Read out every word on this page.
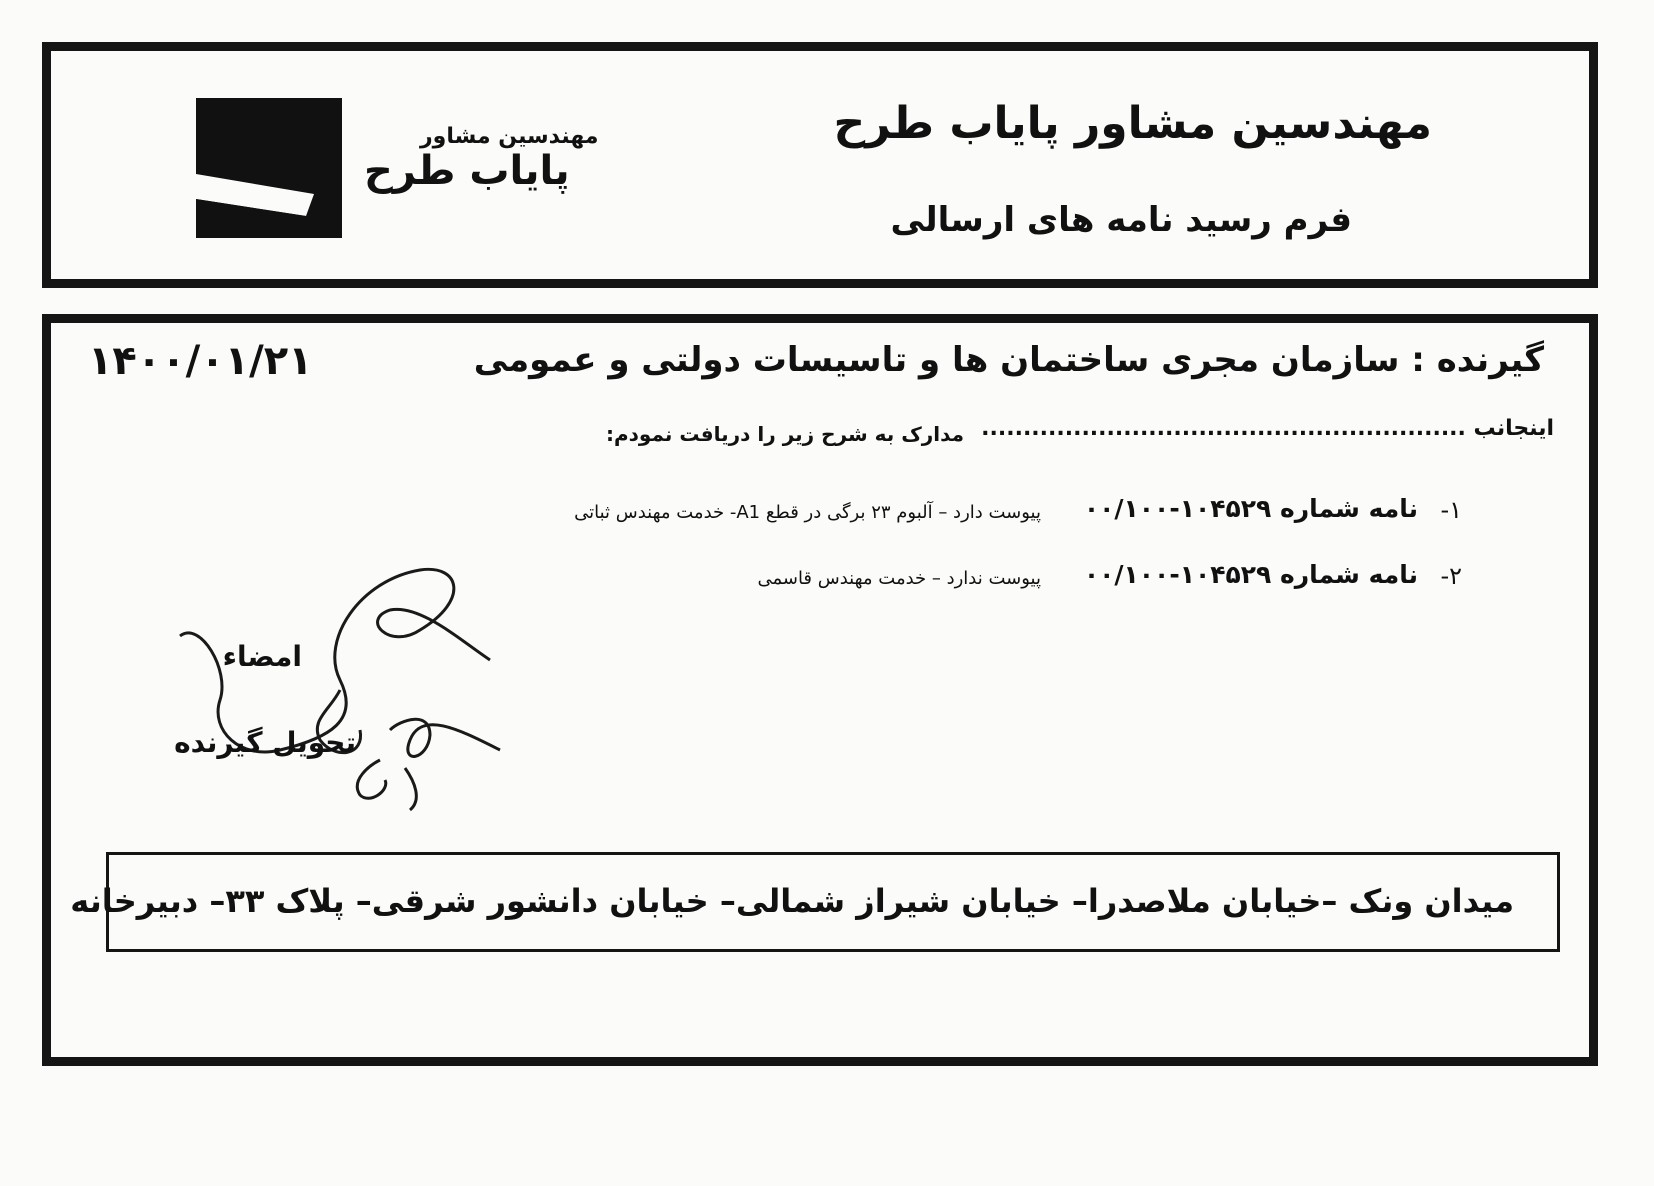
مهندسین مشاور
پایاب طرح
مهندسین مشاور پایاب طرح
فرم رسید نامه های ارسالی
گیرنده : سازمان مجری ساختمان ها و تاسیسات دولتی و عمومی
۱۴۰۰/۰۱/۲۱
اینجانب ..........................................................
مدارک به شرح زیر را دریافت نمودم:
۱-
نامه شماره ۱۰۴۵۲۹-۰۰/۱۰۰
پیوست دارد – آلبوم ۲۳ برگی در قطع A1- خدمت مهندس ثباتی
۲-
نامه شماره ۱۰۴۵۲۹-۰۰/۱۰۰
پیوست ندارد – خدمت مهندس قاسمی
امضاء
تحویل گیرنده
میدان ونک –خیابان ملاصدرا– خیابان شیراز شمالی– خیابان دانشور شرقی– پلاک ۳۳– دبیرخانه
